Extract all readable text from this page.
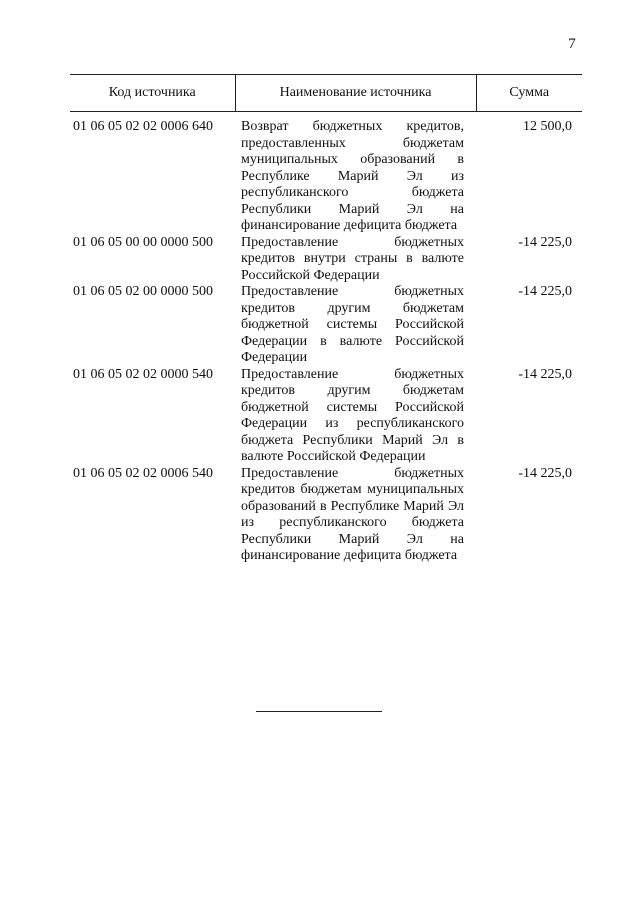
7
Код источника	Наименование источника	Сумма
01 06 05 02 02 0006 640	Возврат бюджетных кредитов, предоставленных бюджетам муниципальных образований в Республике Марий Эл из республиканского бюджета Республики Марий Эл на финансирование дефицита бюджета	12 500,0
01 06 05 00 00 0000 500	Предоставление бюджетных кредитов внутри страны в валюте Российской Федерации	-14 225,0
01 06 05 02 00 0000 500	Предоставление бюджетных кредитов другим бюджетам бюджетной системы Российской Федерации в валюте Российской Федерации	-14 225,0
01 06 05 02 02 0000 540	Предоставление бюджетных кредитов другим бюджетам бюджетной системы Российской Федерации из республиканского бюджета Республики Марий Эл в валюте Российской Федерации	-14 225,0
01 06 05 02 02 0006 540	Предоставление бюджетных кредитов бюджетам муниципальных образований в Республике Марий Эл из республиканского бюджета Республики Марий Эл на финансирование дефицита бюджета	-14 225,0
